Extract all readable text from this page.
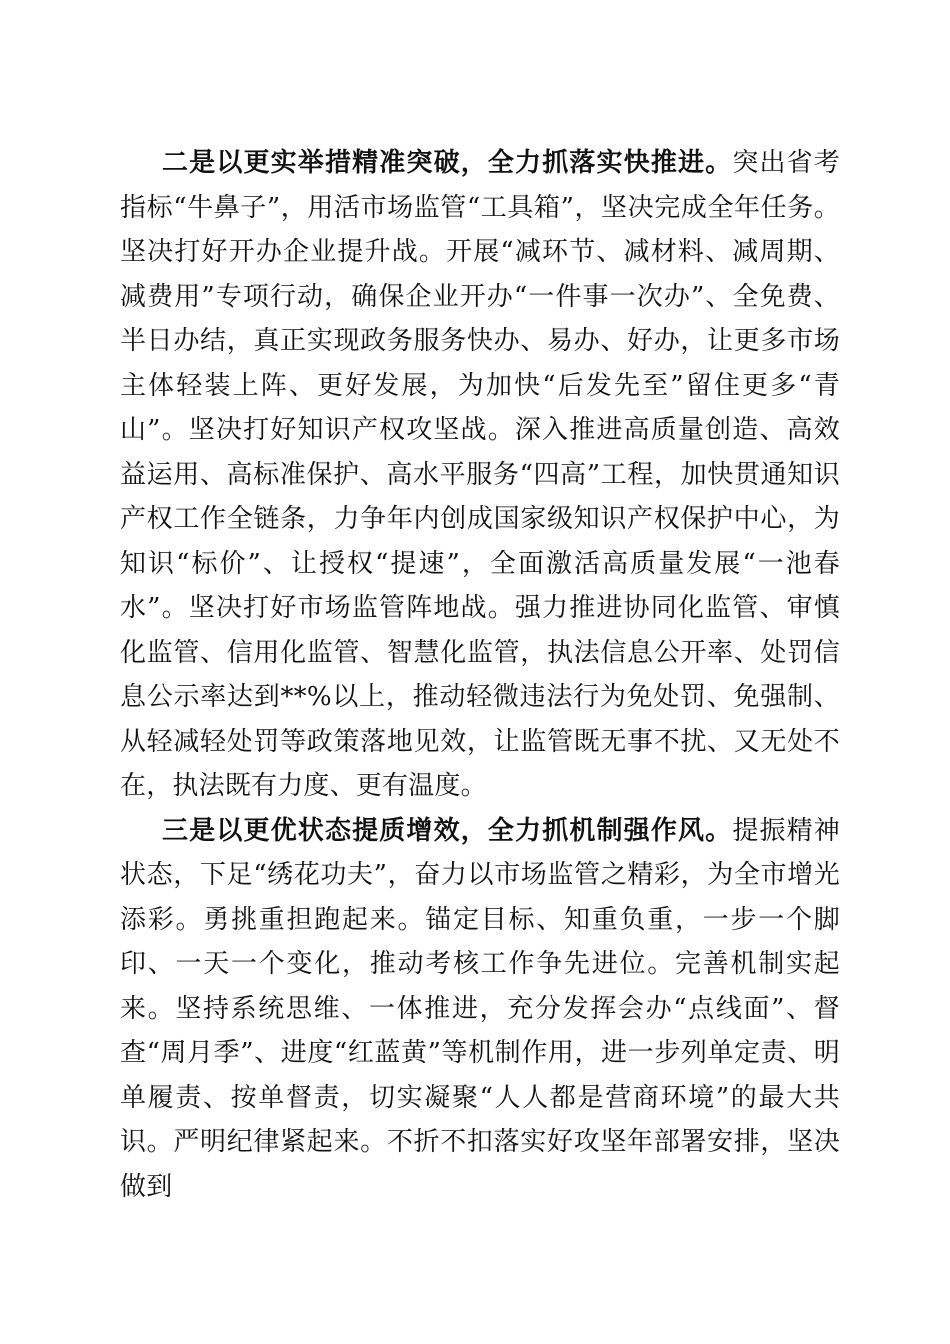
二是以更实举措精准突破，全力抓落实快推进。突出省考指标“牛鼻子”，用活市场监管“工具箱”，坚决完成全年任务。坚决打好开办企业提升战。开展“减环节、减材料、减周期、减费用”专项行动，确保企业开办“一件事一次办”、全免费、半日办结，真正实现政务服务快办、易办、好办，让更多市场主体轻装上阵、更好发展，为加快“后发先至”留住更多“青山”。坚决打好知识产权攻坚战。深入推进高质量创造、高效益运用、高标准保护、高水平服务“四高”工程，加快贯通知识产权工作全链条，力争年内创成国家级知识产权保护中心，为知识“标价”、让授权“提速”，全面激活高质量发展“一池春水”。坚决打好市场监管阵地战。强力推进协同化监管、审慎化监管、信用化监管、智慧化监管，执法信息公开率、处罚信息公示率达到**%以上，推动轻微违法行为免处罚、免强制、从轻减轻处罚等政策落地见效，让监管既无事不扰、又无处不在，执法既有力度、更有温度。

三是以更优状态提质增效，全力抓机制强作风。提振精神状态，下足“绣花功夫”，奋力以市场监管之精彩，为全市增光添彩。勇挑重担跑起来。锚定目标、知重负重，一步一个脚印、一天一个变化，推动考核工作争先进位。完善机制实起来。坚持系统思维、一体推进，充分发挥会办“点线面”、督查“周月季”、进度“红蓝黄”等机制作用，进一步列单定责、明单履责、按单督责，切实凝聚“人人都是营商环境”的最大共识。严明纪律紧起来。不折不扣落实好攻坚年部署安排，坚决做到
